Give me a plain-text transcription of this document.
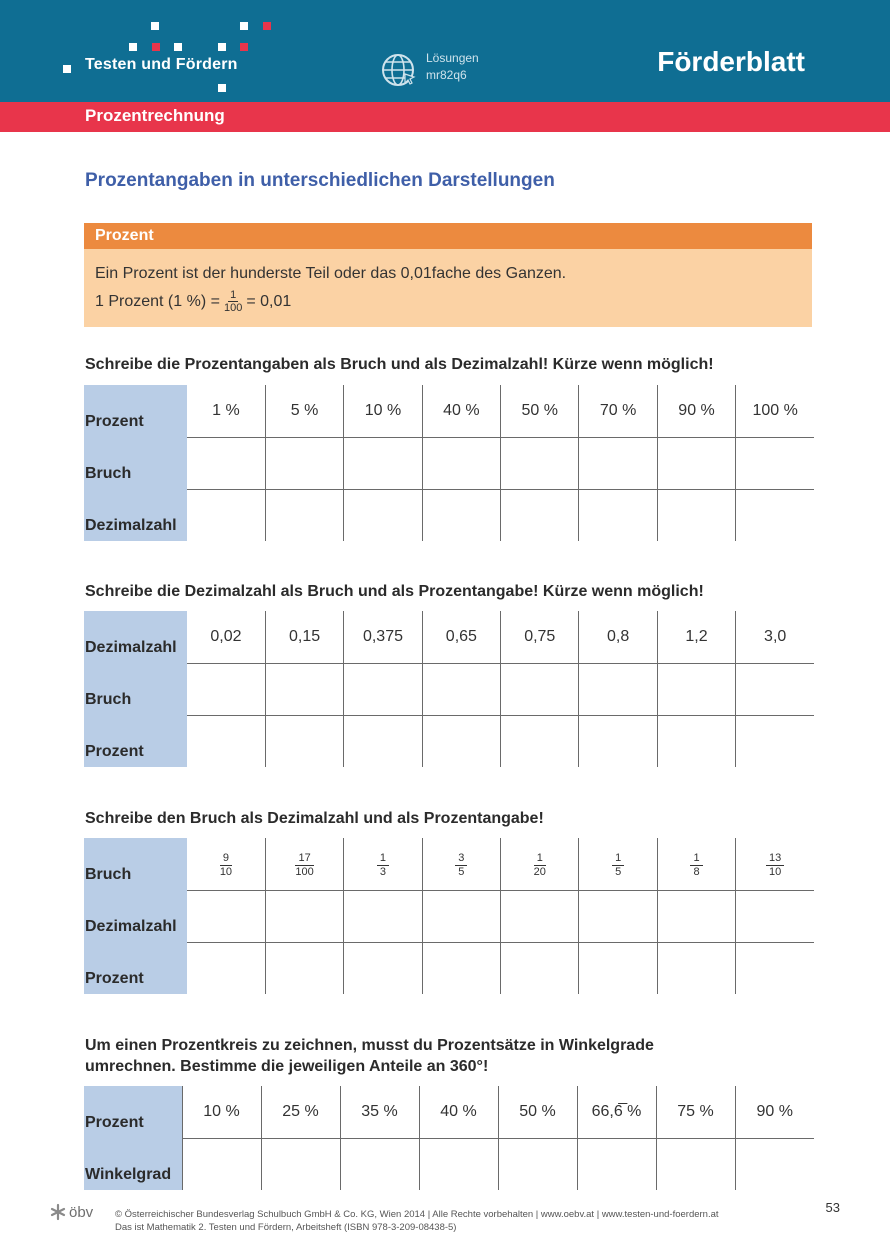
Testen und Fördern	Lösungen
mr82q6	Förderblatt
Prozentrechnung
Prozentangaben in unterschiedlichen Darstellungen
Prozent
Ein Prozent ist der hunderste Teil oder das 0,01fache des Ganzen.
1 Prozent (1 %) = $\frac{1}{100} = 0,01$
Schreibe die Prozentangaben als Bruch und als Dezimalzahl! Kürze wenn möglich!
Prozent	1 %	5 %	10 %	40 %	50 %	70 %	90 %	100 %
Bruch								
Dezimalzahl								
Schreibe die Dezimalzahl als Bruch und als Prozentangabe! Kürze wenn möglich!
Dezimalzahl	0,02	0,15	0,375	0,65	0,75	0,8	1,2	3,0
Bruch								
Prozent								
Schreibe den Bruch als Dezimalzahl und als Prozentangabe!
Bruch	$\frac{9}{10}$	$\frac{17}{100}$	$\frac{1}{3}$	$\frac{3}{5}$	$\frac{1}{20}$	$\frac{1}{5}$	$\frac{1}{8}$	$\frac{13}{10}$

Dezimalzahl								
Prozent								
Um einen Prozentkreis zu zeichnen, musst du Prozentsätze in Winkelgrade
umrechnen. Bestimme die jeweiligen Anteile an 360°!
Prozent	10 %	25 %	35 %	40 %	50 %	66,6̅ %	75 %	90 %
Winkelgrad								
öbv © Österreichischer Bundesverlag Schulbuch GmbH & Co. KG, Wien 2014 | Alle Rechte vorbehalten | www.oebv.at | www.testen-und-foerdern.at
Das ist Mathematik 2. Testen und Fördern, Arbeitsheft (ISBN 978-3-209-08438-5)
53
